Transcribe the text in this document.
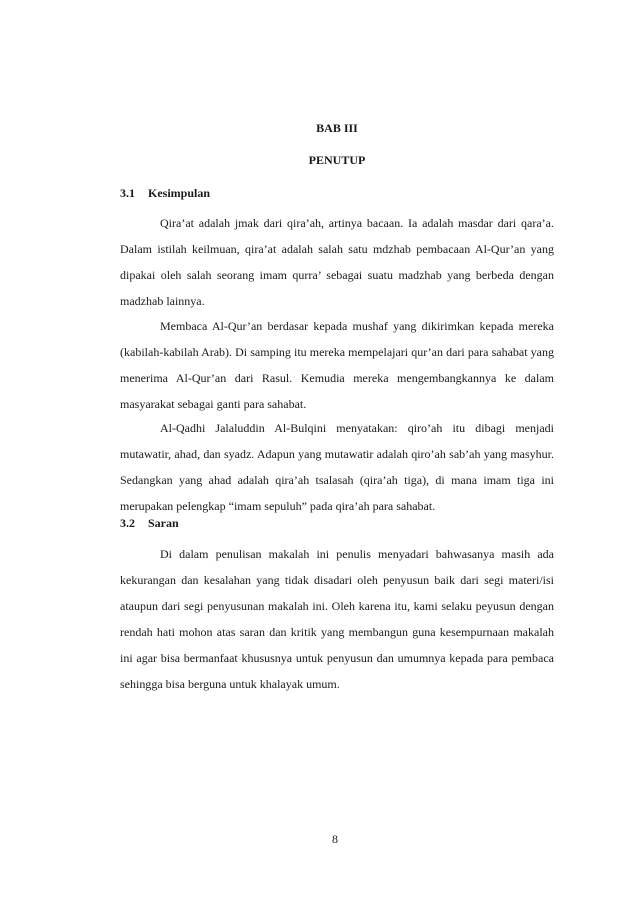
BAB III
PENUTUP
3.1 Kesimpulan

Qira’at adalah jmak dari qira’ah, artinya bacaan. Ia adalah masdar dari qara’a. Dalam istilah keilmuan, qira’at adalah salah satu mdzhab pembacaan Al-Qur’an yang dipakai oleh salah seorang imam qurra’ sebagai suatu madzhab yang berbeda dengan madzhab lainnya.

Membaca Al-Qur’an berdasar kepada mushaf yang dikirimkan kepada mereka (kabilah-kabilah Arab). Di samping itu mereka mempelajari qur’an dari para sahabat yang menerima Al-Qur’an dari Rasul. Kemudia mereka mengembangkannya ke dalam masyarakat sebagai ganti para sahabat.

Al-Qadhi Jalaluddin Al-Bulqini menyatakan: qiro’ah itu dibagi menjadi mutawatir, ahad, dan syadz. Adapun yang mutawatir adalah qiro’ah sab’ah yang masyhur. Sedangkan yang ahad adalah qira’ah tsalasah (qira’ah tiga), di mana imam tiga ini merupakan pelengkap “imam sepuluh” pada qira’ah para sahabat.

3.2 Saran

Di dalam penulisan makalah ini penulis menyadari bahwasanya masih ada kekurangan dan kesalahan yang tidak disadari oleh penyusun baik dari segi materi/isi ataupun dari segi penyusunan makalah ini. Oleh karena itu, kami selaku peyusun dengan rendah hati mohon atas saran dan kritik yang membangun guna kesempurnaan makalah ini agar bisa bermanfaat khususnya untuk penyusun dan umumnya kepada para pembaca sehingga bisa berguna untuk khalayak umum.

8
